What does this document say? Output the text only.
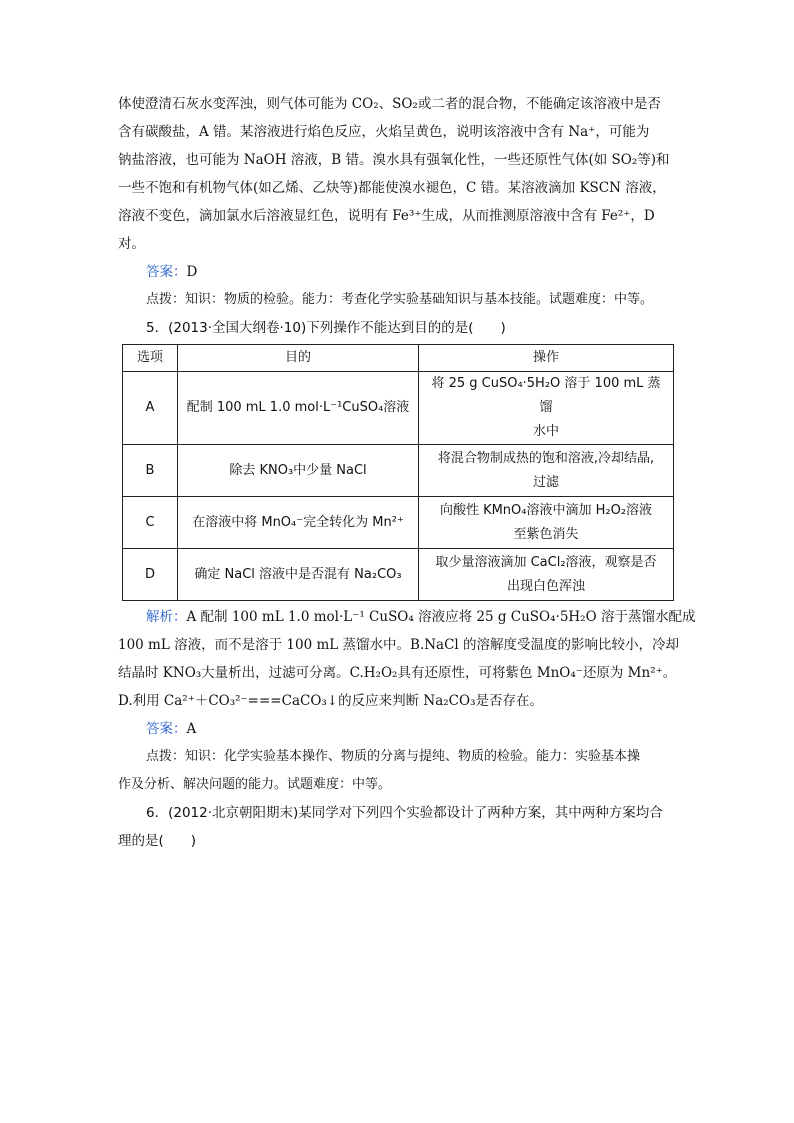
体使澄清石灰水变浑浊，则气体可能为 CO₂、SO₂或二者的混合物，不能确定该溶液中是否
含有碳酸盐，A 错。某溶液进行焰色反应，火焰呈黄色，说明该溶液中含有 Na⁺，可能为
钠盐溶液，也可能为 NaOH 溶液，B 错。溴水具有强氧化性，一些还原性气体(如 SO₂等)和
一些不饱和有机物气体(如乙烯、乙炔等)都能使溴水褪色，C 错。某溶液滴加 KSCN 溶液，
溶液不变色，滴加氯水后溶液显红色，说明有 Fe³⁺生成，从而推测原溶液中含有 Fe²⁺，D
对。
答案：D
点拨：知识：物质的检验。能力：考查化学实验基础知识与基本技能。试题难度：中等。
5．(2013·全国大纲卷·10)下列操作不能达到目的的是(　　)
选项	目的	操作
A	配制 100 mL 1.0 mol·L⁻¹CuSO₄溶液	将 25 g CuSO₄·5H₂O 溶于 100 mL 蒸馏
水中

B	除去 KNO₃中少量 NaCl	将混合物制成热的饱和溶液,冷却结晶,
过滤

C	在溶液中将 MnO₄⁻完全转化为 Mn²⁺	向酸性 KMnO₄溶液中滴加 H₂O₂溶液
至紫色消失

D	确定 NaCl 溶液中是否混有 Na₂CO₃	取少量溶液滴加 CaCl₂溶液，观察是否
出现白色浑浊
解析：A 配制 100 mL 1.0 mol·L⁻¹ CuSO₄ 溶液应将 25 g CuSO₄·5H₂O 溶于蒸馏水配成
100 mL 溶液，而不是溶于 100 mL 蒸馏水中。B.NaCl 的溶解度受温度的影响比较小，冷却
结晶时 KNO₃大量析出，过滤可分离。C.H₂O₂具有还原性，可将紫色 MnO₄⁻还原为 Mn²⁺。
D.利用 Ca²⁺＋CO₃²⁻===CaCO₃↓的反应来判断 Na₂CO₃是否存在。
答案：A
点拨：知识：化学实验基本操作、物质的分离与提纯、物质的检验。能力：实验基本操
作及分析、解决问题的能力。试题难度：中等。
6．(2012·北京朝阳期末)某同学对下列四个实验都设计了两种方案，其中两种方案均合
理的是(　　)
